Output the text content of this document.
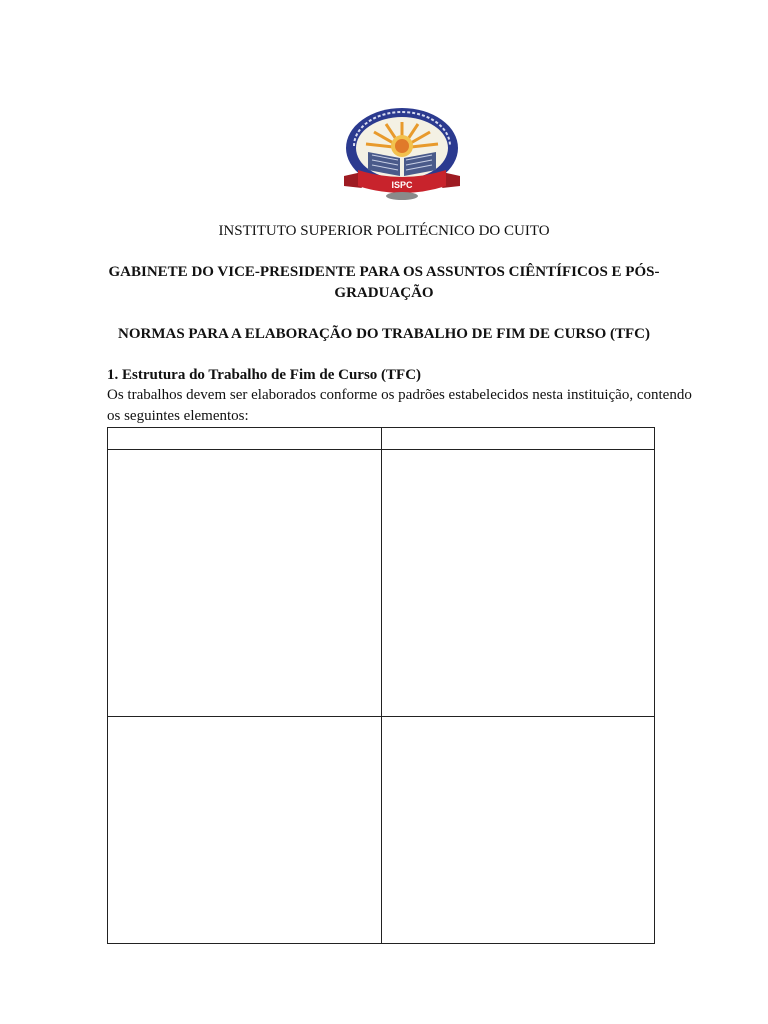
ISPC
INSTITUTO SUPERIOR POLITÉCNICO DO CUITO
GABINETE DO VICE-PRESIDENTE PARA OS ASSUNTOS CIÊNTÍFICOS E PÓS-
GRADUAÇÃO
NORMAS PARA A ELABORAÇÃO DO TRABALHO DE FIM DE CURSO (TFC)
1. Estrutura do Trabalho de Fim de Curso (TFC)
Os trabalhos devem ser elaborados conforme os padrões estabelecidos nesta instituição, contendo
os seguintes elementos:
